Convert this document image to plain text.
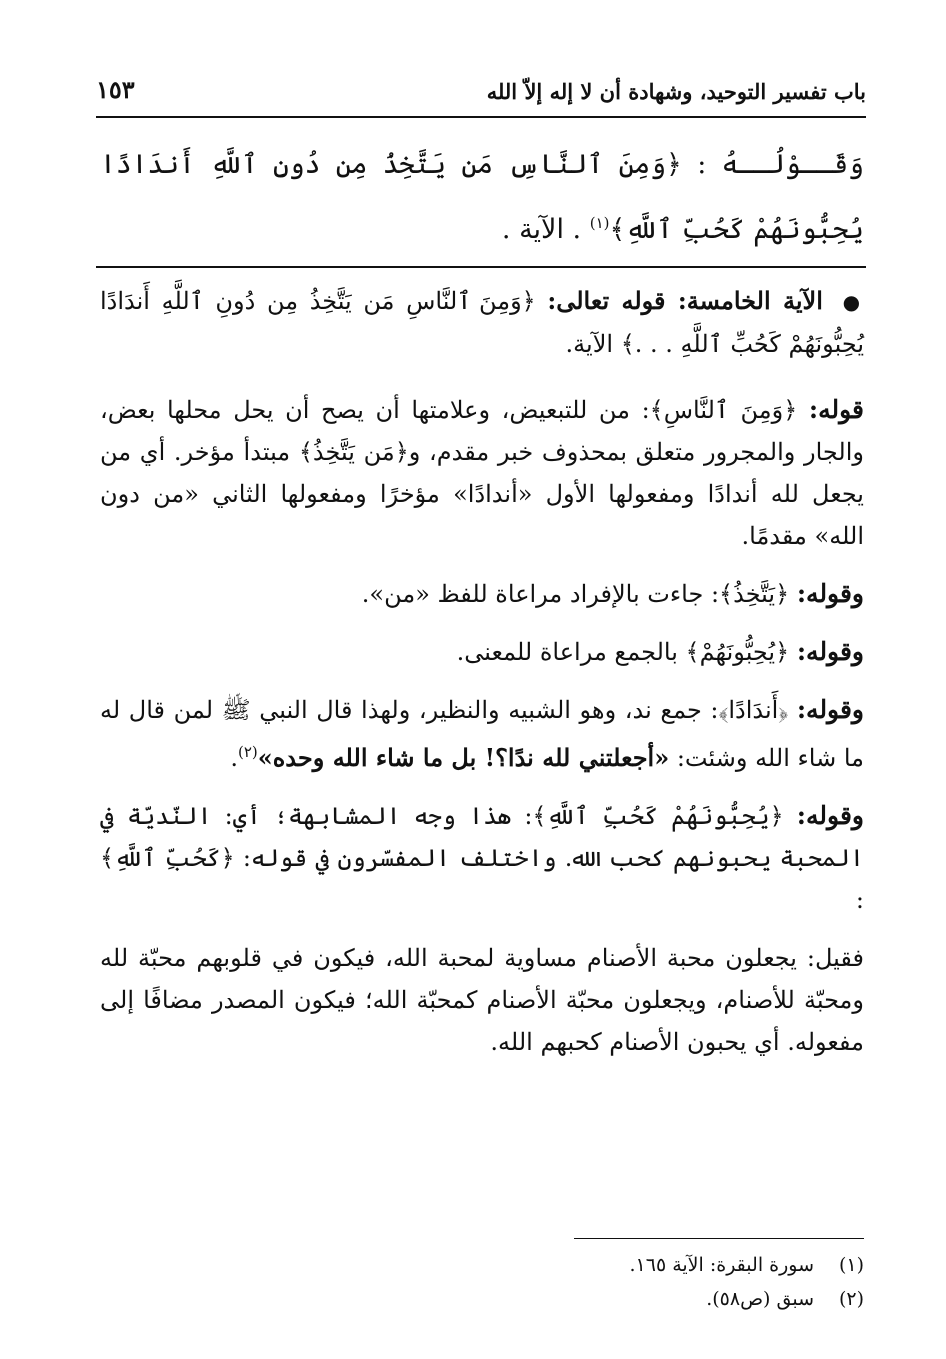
باب تفسير التوحيد، وشهادة أن لا إله إلاّ الله
١٥٣
وَقَــوْلُــهُ : ﴿وَمِنَ ٱلنَّاسِ مَن يَتَّخِذُ مِن دُونِ ٱللَّهِ أَندَادًا يُحِبُّونَهُمْ كَحُبِّ ٱللَّهِ﴾$^{(١)}$ . الآية .

● الآية الخامسة: قوله تعالى: ﴿وَمِنَ ٱلنَّاسِ مَن يَتَّخِذُ مِن دُونِ ٱللَّهِ أَندَادًا يُحِبُّونَهُمْ كَحُبِّ ٱللَّهِ . . .﴾ الآية.

قوله: ﴿وَمِنَ ٱلنَّاسِ﴾: من للتبعيض، وعلامتها أن يصح أن يحل محلها بعض، والجار والمجرور متعلق بمحذوف خبر مقدم، و﴿مَن يَتَّخِذُ﴾ مبتدأ مؤخر. أي من يجعل لله أندادًا ومفعولها الأول «أندادًا» مؤخرًا ومفعولها الثاني «من دون الله» مقدمًا.

وقوله: ﴿يَتَّخِذُ﴾: جاءت بالإفراد مراعاة للفظ «من».

وقوله: ﴿يُحِبُّونَهُمْ﴾ بالجمع مراعاة للمعنى.

وقوله: ﴿أَندَادًا﴾: جمع ند، وهو الشبيه والنظير، ولهذا قال النبي ﷺ لمن قال له ما شاء الله وشئت: «أجعلتني لله ندًا؟! بل ما شاء الله وحده»$^{(٢)}$.

وقوله: ﴿يُحِبُّونَهُمْ كَحُبِّ ٱللَّهِ﴾: هذا وجه المشابهة؛ أي: النّديّة في المحبة يحبونهم كحب الله. واختلف المفسّرون في قوله: ﴿كَحُبِّ ٱللَّهِ﴾ :

فقيل: يجعلون محبة الأصنام مساوية لمحبة الله، فيكون في قلوبهم محبّة لله ومحبّة للأصنام، ويجعلون محبّة الأصنام كمحبّة الله؛ فيكون المصدر مضافًا إلى مفعوله. أي يحبون الأصنام كحبهم الله.

(١)
سورة البقرة: الآية ١٦٥.
(٢)
سبق (ص٥٨).
